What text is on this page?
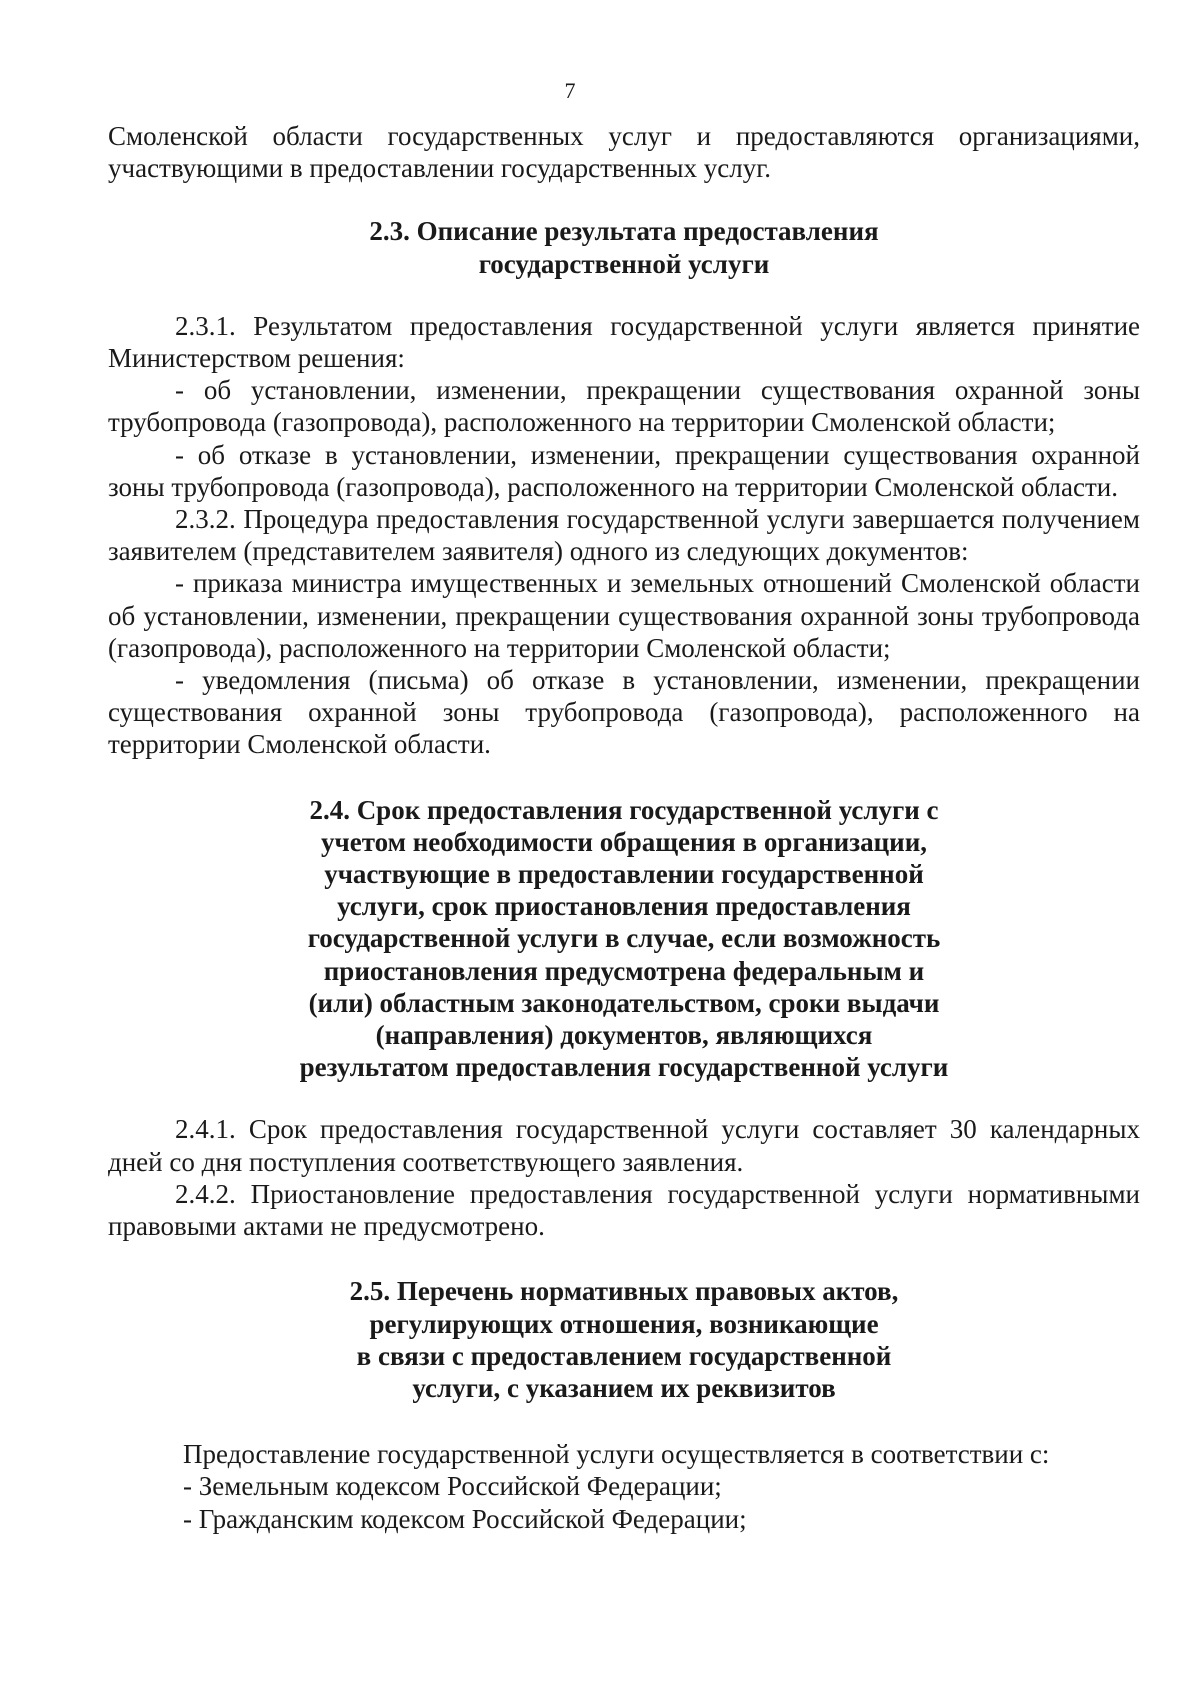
7

Смоленской области государственных услуг и предоставляются организациями, участвующими в предоставлении государственных услуг.

2.3. Описание результата предоставления
государственной услуги

2.3.1. Результатом предоставления государственной услуги является принятие Министерством решения:

- об установлении, изменении, прекращении существования охранной зоны трубопровода (газопровода), расположенного на территории Смоленской области;

- об отказе в установлении, изменении, прекращении существования охранной зоны трубопровода (газопровода), расположенного на территории Смоленской области.

2.3.2. Процедура предоставления государственной услуги завершается получением заявителем (представителем заявителя) одного из следующих документов:

- приказа министра имущественных и земельных отношений Смоленской области об установлении, изменении, прекращении существования охранной зоны трубопровода (газопровода), расположенного на территории Смоленской области;

- уведомления (письма) об отказе в установлении, изменении, прекращении существования охранной зоны трубопровода (газопровода), расположенного на территории Смоленской области.

2.4. Срок предоставления государственной услуги с
учетом необходимости обращения в организации,
участвующие в предоставлении государственной
услуги, срок приостановления предоставления
государственной услуги в случае, если возможность
приостановления предусмотрена федеральным и
(или) областным законодательством, сроки выдачи
(направления) документов, являющихся
результатом предоставления государственной услуги

2.4.1. Срок предоставления государственной услуги составляет 30 календарных дней со дня поступления соответствующего заявления.

2.4.2. Приостановление предоставления государственной услуги нормативными правовыми актами не предусмотрено.

2.5. Перечень нормативных правовых актов,
регулирующих отношения, возникающие
в связи с предоставлением государственной
услуги, с указанием их реквизитов

Предоставление государственной услуги осуществляется в соответствии с:

- Земельным кодексом Российской Федерации;

- Гражданским кодексом Российской Федерации;
